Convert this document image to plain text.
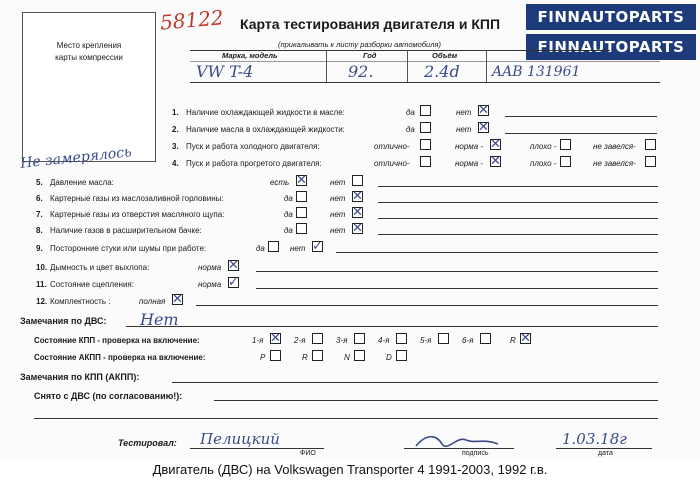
Место крепления
карты компрессии
58122 Карта тестирования двигателя и КПП
(прикалывать к листу разборки автомобиля)
FINNAUTOPARTS
FINNAUTOPARTS
Марка, модель	Год	Объём
VW T-4	92.	2.4d AAB 131961
1. Наличие охлаждающей жидкости в масле:	да	нет ✕
2. Наличие масла в охлаждающей жидкости:	да	нет ✕
3. Пуск и работа холодного двигателя:	отлично-	норма - ✕	плохо -	не завелся-
4. Пуск и работа прогретого двигателя:	отлично-	норма - ✕	плохо -	не завелся-
Не замерялось
5. Давление масла:	есть ✕	нет
6. Картерные газы из маслозаливной горловины:	да	нет ✕
7. Картерные газы из отверстия масляного щупа:	да	нет ✕
8. Наличие газов в расширительном бачке:	да	нет ✕
9. Посторонние стуки или шумы при работе:	да	нет ✓
10. Дымность и цвет выхлопа:	норма ✕
11. Состояние сцепления:	норма ✓
12. Комплектность :	полная ✕
Замечания по ДВС: Нет
Состояние КПП - проверка на включение:	1-я ✕ 2-я	3-я	4-я	5-я	6-я	R ✕
Состояние АКПП - проверка на включение:	P	R	N	D
Замечания по КПП (АКПП):
Снято с ДВС (по согласованию!):
Тестировал: Пелицкий
ФИО	подпись
1.03.18г
дата
Двигатель (ДВС) на Volkswagen Transporter 4 1991-2003, 1992 г.в.
